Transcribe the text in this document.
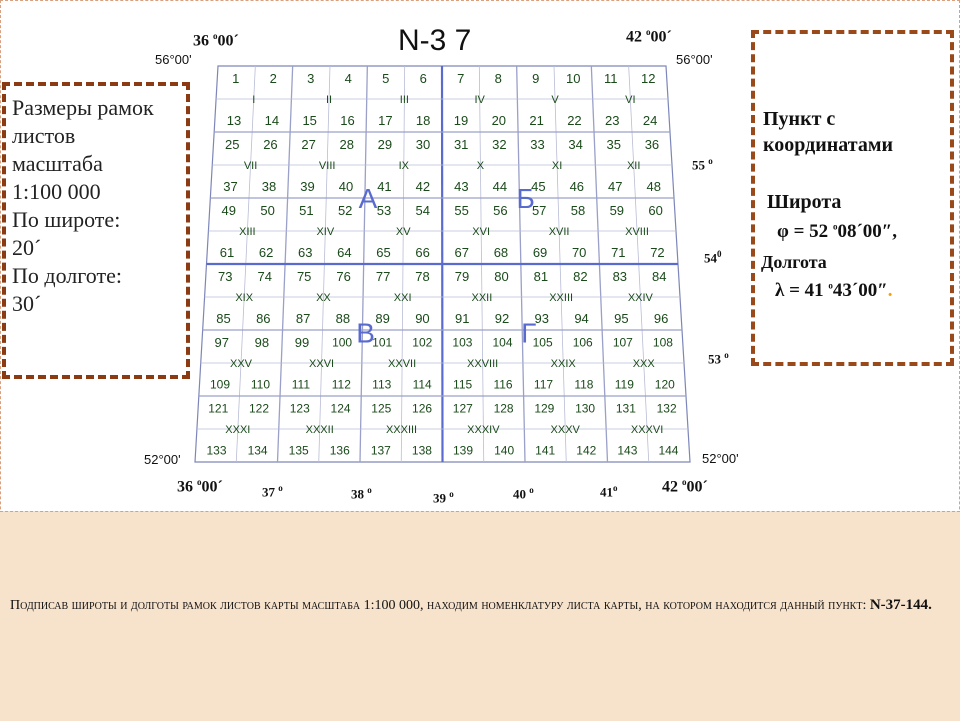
1 2 3 4 5 6 7 8 9 10 11 12
13 14 15 16 17 18 19 20 21 22 23 24
25 26 27 28 29 30 31 32 33 34 35 36
37 38 39 40 41 42 43 44 45 46 47 48
49 50 51 52 53 54 55 56 57 58 59 60
61 62 63 64 65 66 67 68 69 70 71 72
73 74 75 76 77 78 79 80 81 82 83 84
85 86 87 88 89 90 91 92 93 94 95 96
97 98 99 100 101 102 103 104 105 106 107 108
109 110 111 112 113 114 115 116 117 118 119 120
121 122 123 124 125 126 127 128 129 130 131 132
133 134 135 136 137 138 139 140 141 142 143 144
I	II	III	IV	V	VI
VII	VIII	IX	X	XI	XII
XIII	XIV	XV	XVI	XVII	XVIII
XIX	XX	XXI	XXII	XXIII	XXIV
XXV	XXVI	XXVII	XXVIII	XXIX	XXX
XXXI	XXXII	XXXIII	XXXIV	XXXV	XXXVI
А	Б
В	Г
N-3 7
36 $^о$00´	42 $^о$00´
56°00'	56°00'
52°00'	52°00'
55 $^о$
$54^0$
53 $^о$
36 $^о$00´	42 $^о$00´
37 $^о$	38 $^о$
39 $^о$	40 $^о$	$41^о$
Размеры рамок
листов
масштаба
1:100 000
По широте:
20´
По долготе:
30´
Пункт с
координатами
Широта
φ = 52 $^о$08´00″,
Долгота
λ = 41 $^о$43´00″.
Подписав широты и долготы рамок листов карты масштаба 1:100 000, находим номенклатуру листа карты, на котором находится данный пункт: N-37-144.
